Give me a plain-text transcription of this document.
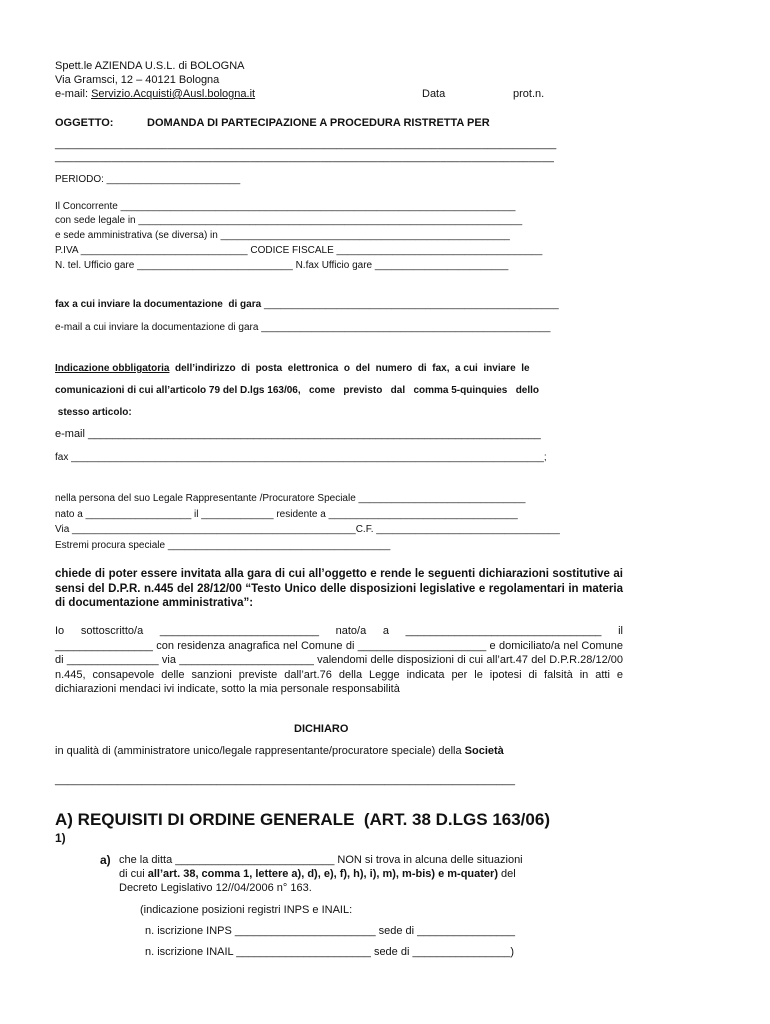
Spett.le AZIENDA U.S.L. di BOLOGNA
Via Gramsci, 12 – 40121 Bologna
e-mail: Servizio.Acquisti@Ausl.bologna.it	Data	prot.n.
OGGETTO:	DOMANDA DI PARTECIPAZIONE A PROCEDURA RISTRETTA PER
________________________________________________________________________________
_______________________________________________________________________________
PERIODO: ________________________
Il Concorrente _______________________________________________________________________
con sede legale in _____________________________________________________________________
e sede amministrativa (se diversa) in ____________________________________________________
P.IVA ______________________________ CODICE FISCALE _____________________________________
N. tel. Ufficio gare ____________________________ N.fax Ufficio gare ________________________
fax a cui inviare la documentazione  di gara _____________________________________________________
e-mail a cui inviare la documentazione di gara ____________________________________________________
Indicazione obbligatoria  dell’indirizzo  di  posta  elettronica  o  del  numero  di  fax,  a cui  inviare  le
comunicazioni di cui all’articolo 79 del D.lgs 163/06,   come   previsto   dal   comma 5-quinquies   dello
stesso articolo:
e-mail __________________________________________________________________________
fax _____________________________________________________________________________________;
nella persona del suo Legale Rappresentante /Procuratore Speciale ______________________________
nato a ___________________ il _____________ residente a __________________________________
Via ___________________________________________________C.F. _________________________________
Estremi procura speciale ________________________________________
chiede di poter essere invitata alla gara di cui all’oggetto e rende le seguenti dichiarazioni sostitutive ai sensi del D.P.R. n.445 del 28/12/00 “Testo Unico delle disposizioni legislative e regolamentari in materia di documentazione amministrativa”:
Io sottoscritto/a __________________________ nato/a a ________________________________ il ________________ con residenza anagrafica nel Comune di _____________________ e domiciliato/a nel Comune di _______________ via ______________________ valendomi delle disposizioni di cui all’art.47 del D.P.R.28/12/00 n.445, consapevole delle sanzioni previste dall’art.76 della Legge indicata per le ipotesi di falsità in atti e dichiarazioni mendaci ivi indicate, sotto la mia personale responsabilità
DICHIARO
in qualità di (amministratore unico/legale rappresentante/procuratore speciale) della Società
__________________________________________________________________________
A) REQUISITI DI ORDINE GENERALE  (ART. 38 D.LGS 163/06)
1)
a) che la ditta __________________________ NON si trova in alcuna delle situazioni
di cui all’art. 38, comma 1, lettere a), d), e), f), h), i), m), m-bis) e m-quater) del
Decreto Legislativo 12//04/2006 n° 163.
(indicazione posizioni registri INPS e INAIL:
n. iscrizione INPS _______________________ sede di ________________
n. iscrizione INAIL ______________________ sede di ________________)
